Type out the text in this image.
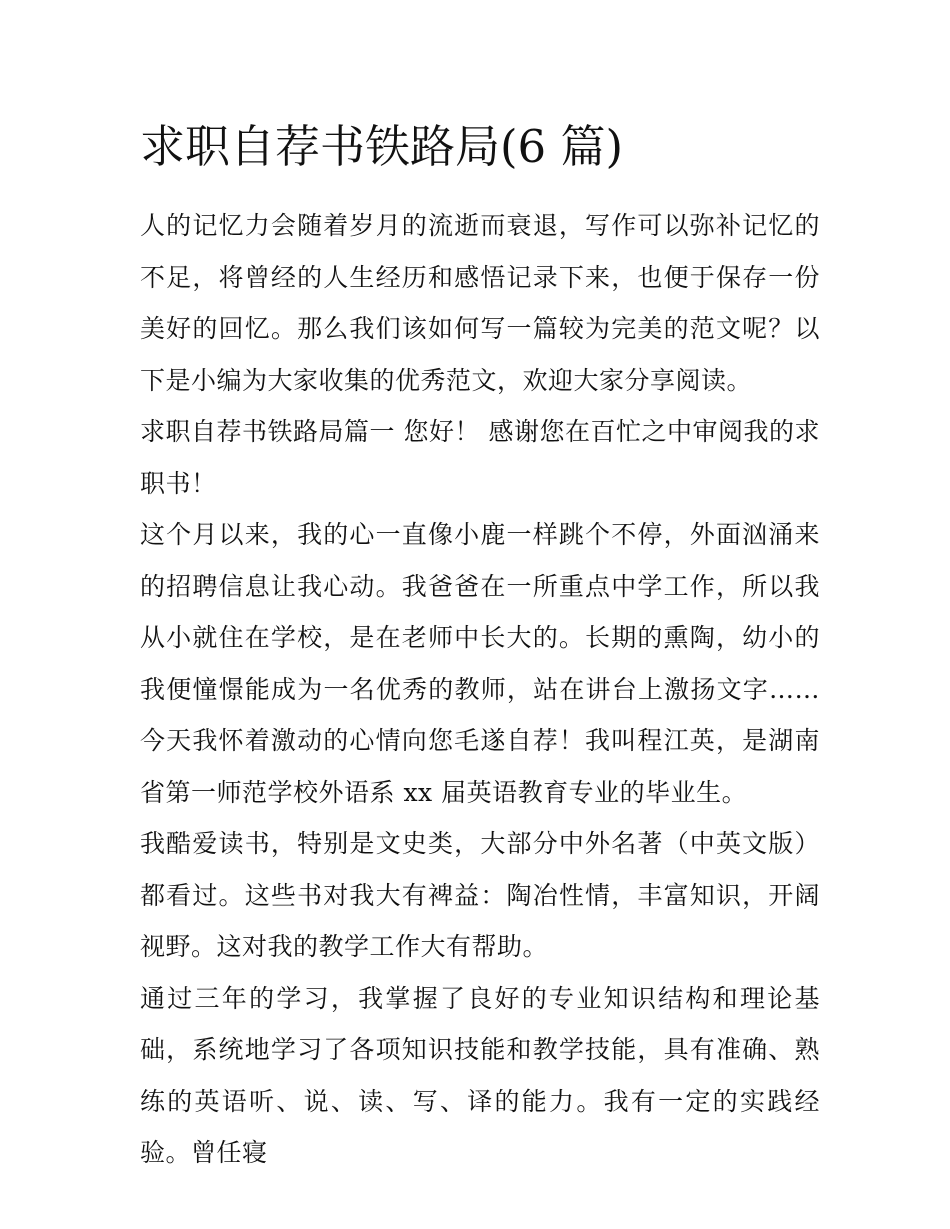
求职自荐书铁路局(6 篇)

人的记忆力会随着岁月的流逝而衰退，写作可以弥补记忆的不足，将曾经的人生经历和感悟记录下来，也便于保存一份美好的回忆。那么我们该如何写一篇较为完美的范文呢？以下是小编为大家收集的优秀范文，欢迎大家分享阅读。

求职自荐书铁路局篇一 您好！ 感谢您在百忙之中审阅我的求职书！

这个月以来，我的心一直像小鹿一样跳个不停，外面汹涌来的招聘信息让我心动。我爸爸在一所重点中学工作，所以我从小就住在学校，是在老师中长大的。长期的熏陶，幼小的我便憧憬能成为一名优秀的教师，站在讲台上激扬文字……今天我怀着激动的心情向您毛遂自荐！我叫程江英，是湖南省第一师范学校外语系 xx 届英语教育专业的毕业生。

我酷爱读书，特别是文史类，大部分中外名著（中英文版）都看过。这些书对我大有裨益：陶冶性情，丰富知识，开阔视野。这对我的教学工作大有帮助。

通过三年的学习，我掌握了良好的专业知识结构和理论基础，系统地学习了各项知识技能和教学技能，具有准确、熟练的英语听、说、读、写、译的能力。我有一定的实践经验。曾任寝
